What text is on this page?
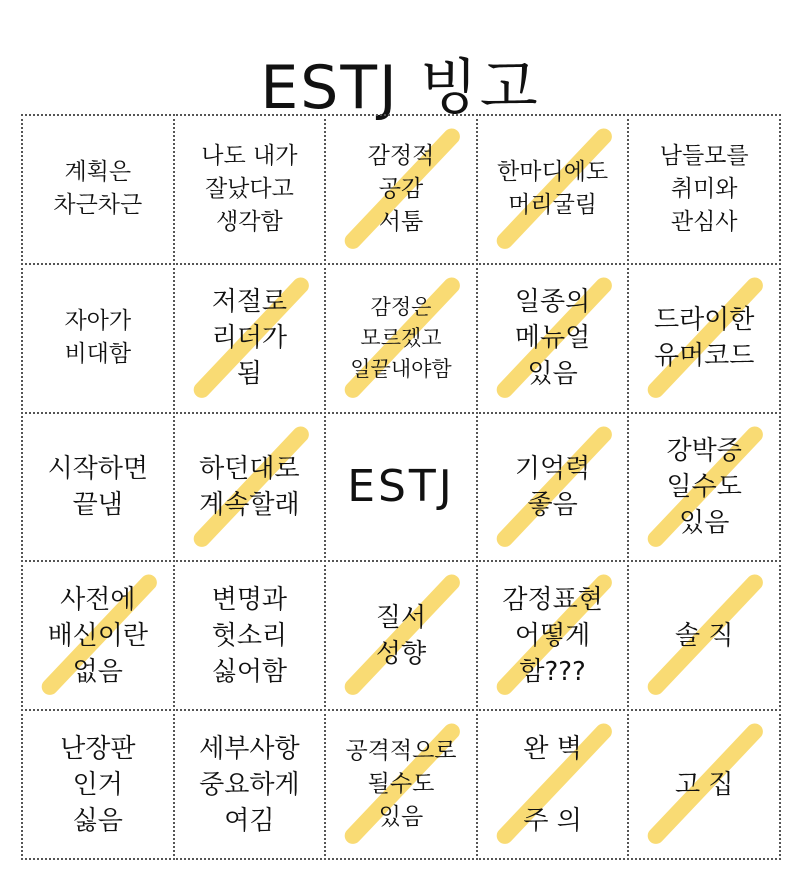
ESTJ 빙고
계획은
차근차근
나도 내가
잘났다고
생각함
감정적
공감
서툼
한마디에도
머리굴림
남들모를
취미와
관심사
자아가
비대함
저절로
리더가
됨
감정은
모르겠고
일끝내야함
일종의
메뉴얼
있음
드라이한
유머코드
시작하면
끝냄
하던대로
계속할래 ESTJ 기억력
좋음
강박증
일수도
있음
사전에
배신이란
없음
변명과
헛소리
싫어함
질서
성향
감정표현
어떻게
함???
솔 직
난장판
인거
싫음
세부사항
중요하게
여김
공격적으로
될수도
있음
완 벽

주 의
고 집
